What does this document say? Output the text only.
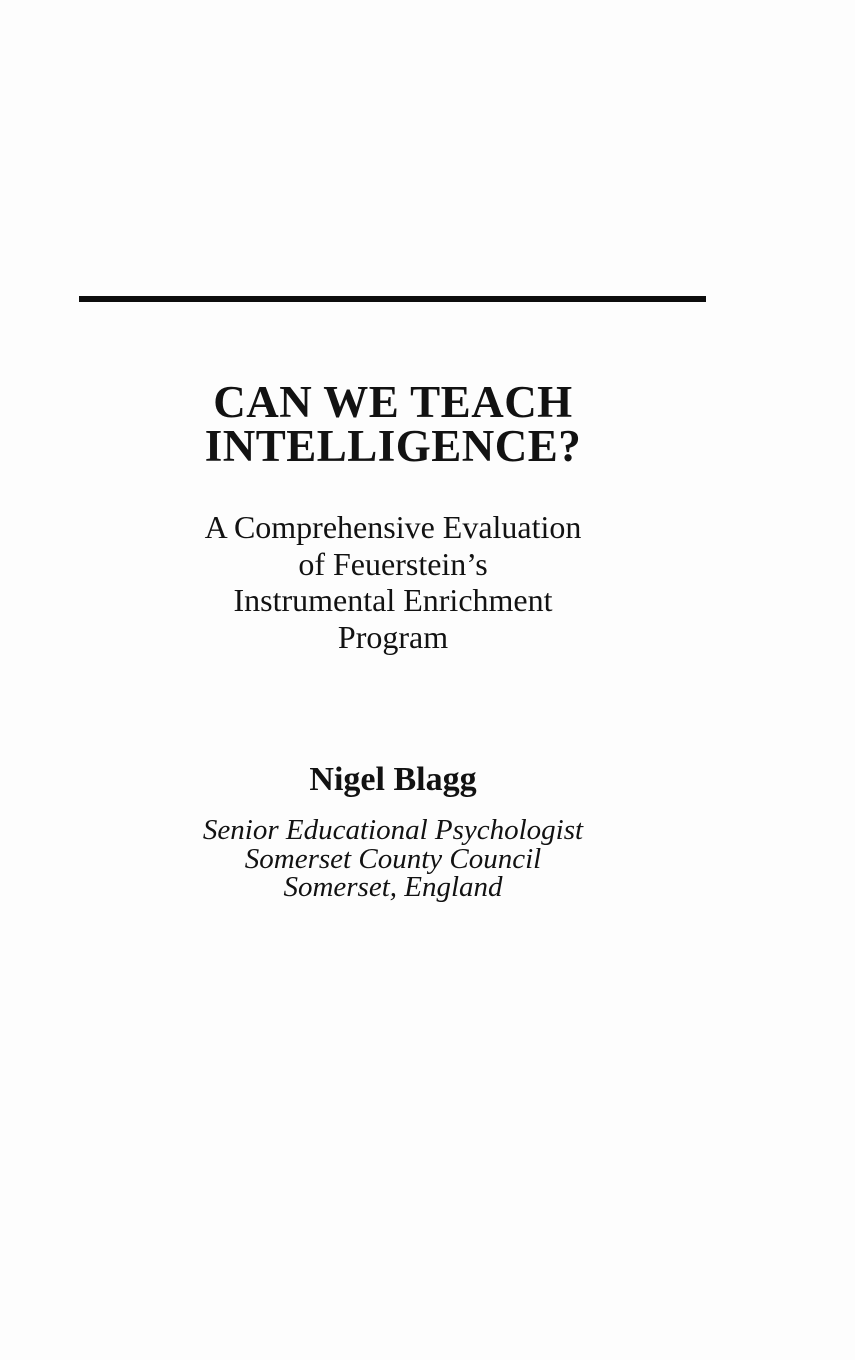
CAN WE TEACH
INTELLIGENCE?
A Comprehensive Evaluation
of Feuerstein’s
Instrumental Enrichment
Program
Nigel Blagg
Senior Educational Psychologist
Somerset County Council
Somerset, England
